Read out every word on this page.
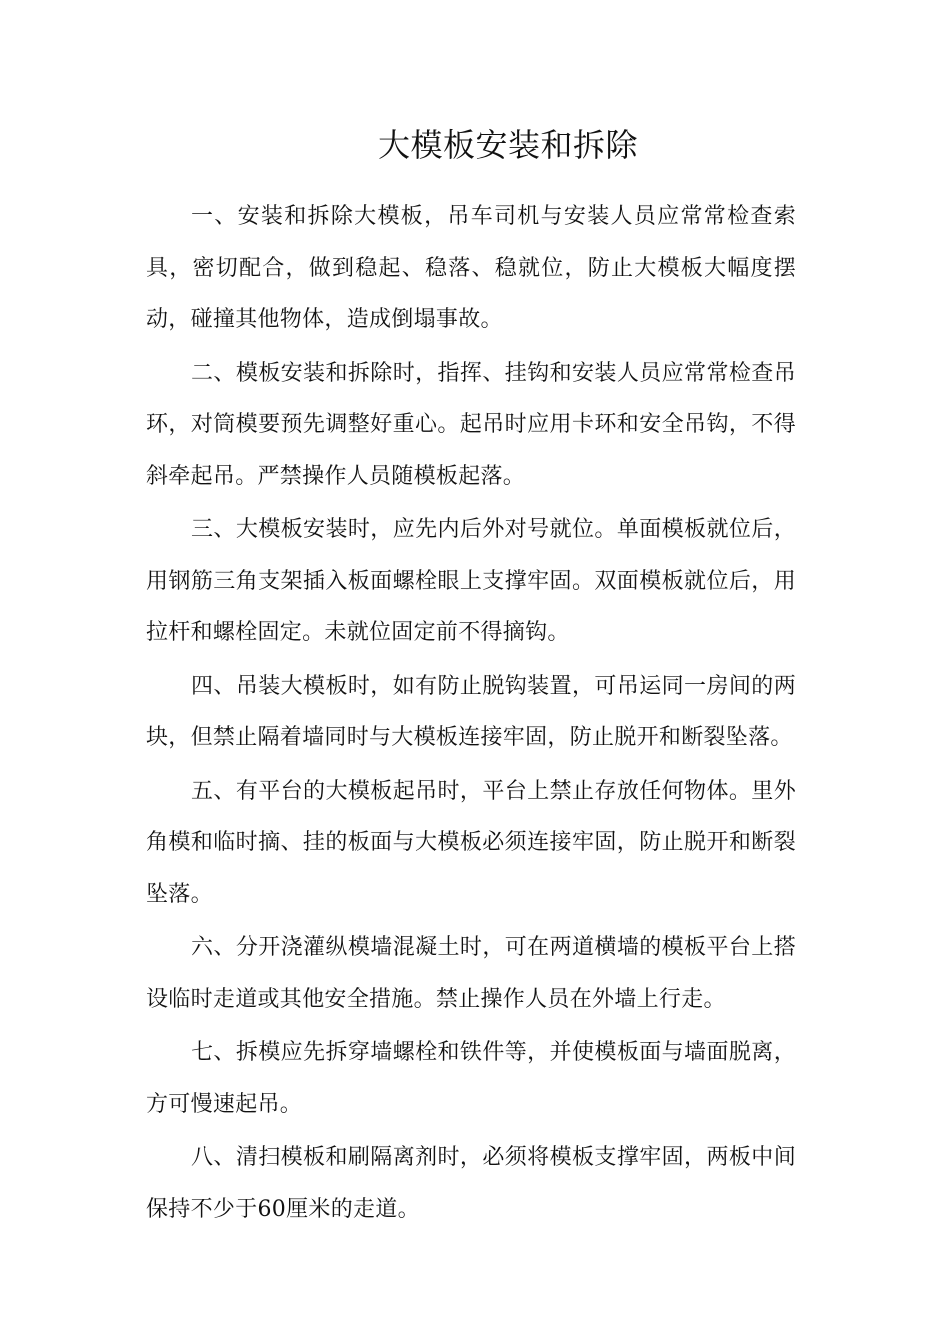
大模板安装和拆除

一、安装和拆除大模板，吊车司机与安装人员应常常检查索具，密切配合，做到稳起、稳落、稳就位，防止大模板大幅度摆动，碰撞其他物体，造成倒塌事故。

二、模板安装和拆除时，指挥、挂钩和安装人员应常常检查吊环，对筒模要预先调整好重心。起吊时应用卡环和安全吊钩，不得斜牵起吊。严禁操作人员随模板起落。

三、大模板安装时，应先内后外对号就位。单面模板就位后，用钢筋三角支架插入板面螺栓眼上支撑牢固。双面模板就位后，用拉杆和螺栓固定。未就位固定前不得摘钩。

四、吊装大模板时，如有防止脱钩装置，可吊运同一房间的两块，但禁止隔着墙同时与大模板连接牢固，防止脱开和断裂坠落。

五、有平台的大模板起吊时，平台上禁止存放任何物体。里外角模和临时摘、挂的板面与大模板必须连接牢固，防止脱开和断裂坠落。

六、分开浇灌纵模墙混凝土时，可在两道横墙的模板平台上搭设临时走道或其他安全措施。禁止操作人员在外墙上行走。

七、拆模应先拆穿墙螺栓和铁件等，并使模板面与墙面脱离，方可慢速起吊。

八、清扫模板和刷隔离剂时，必须将模板支撑牢固，两板中间保持不少于60厘米的走道。
